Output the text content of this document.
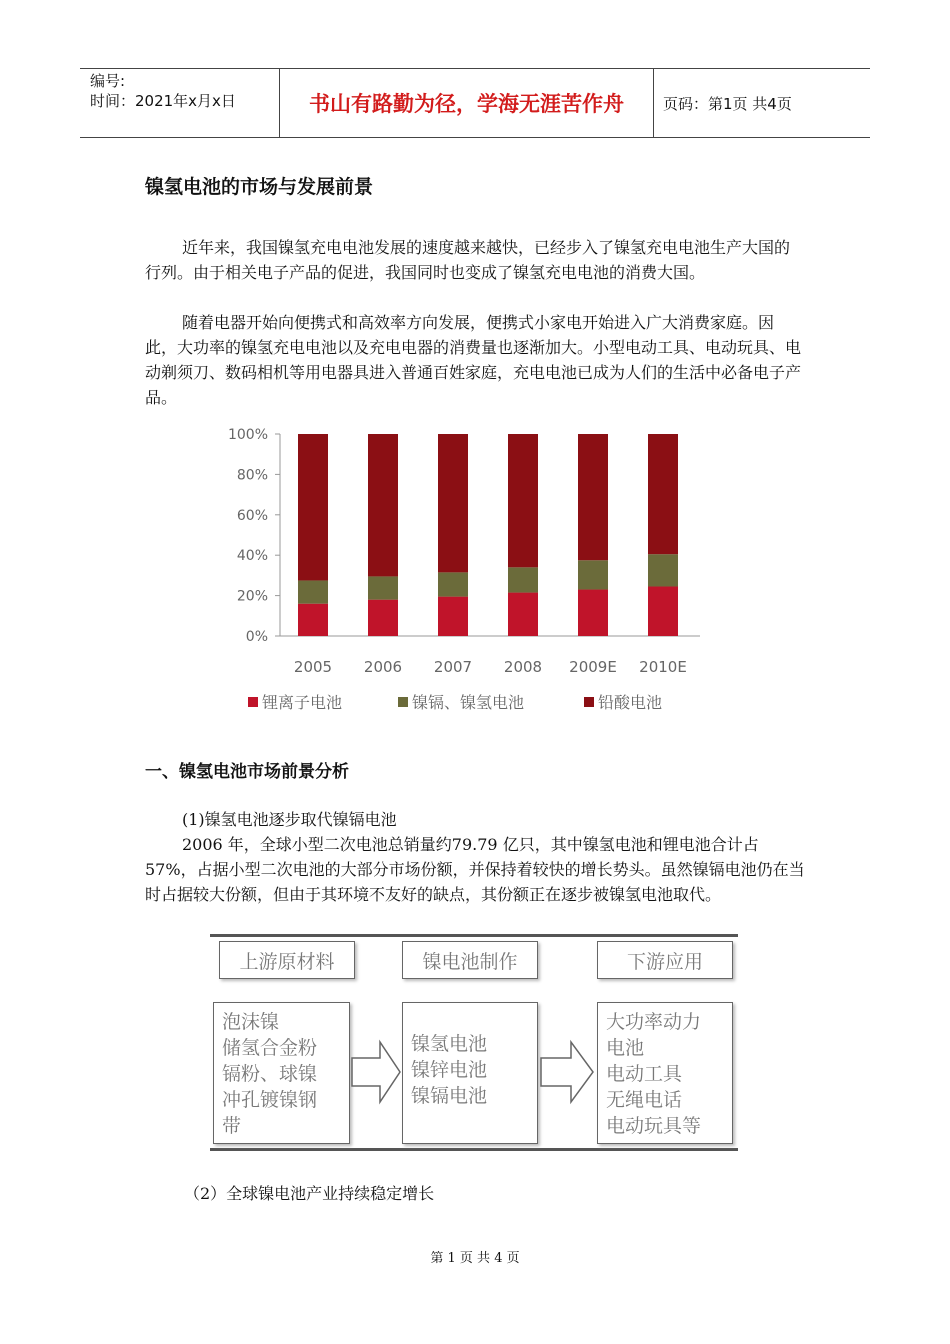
编号:
时间：2021年x月x日	书山有路勤为径，学海无涯苦作舟	页码：第1页 共4页
镍氢电池的市场与发展前景

近年来，我国镍氢充电电池发展的速度越来越快，已经步入了镍氢充电电池生产大国的行列。由于相关电子产品的促进，我国同时也变成了镍氢充电电池的消费大国。

随着电器开始向便携式和高效率方向发展，便携式小家电开始进入广大消费家庭。因此，大功率的镍氢充电电池以及充电电器的消费量也逐渐加大。小型电动工具、电动玩具、电动剃须刀、数码相机等用电器具进入普通百姓家庭，充电电池已成为人们的生活中必备电子产品。

100%
80%
60%
40%
20%
0%
2005 2006 2007 2008 2009E 2010E
锂离子电池	镍镉、镍氢电池	铅酸电池
一、镍氢电池市场前景分析
(1)镍氢电池逐步取代镍镉电池

2006 年，全球小型二次电池总销量约79.79 亿只，其中镍氢电池和锂电池合计占57%，占据小型二次电池的大部分市场份额，并保持着较快的增长势头。虽然镍镉电池仍在当时占据较大份额，但由于其环境不友好的缺点，其份额正在逐步被镍氢电池取代。

上游原材料	镍电池制作	下游应用
泡沫镍
储氢合金粉
镉粉、球镍
冲孔镀镍钢
带
镍氢电池
镍锌电池
镍镉电池
大功率动力
电池
电动工具
无绳电话
电动玩具等
（2）全球镍电池产业持续稳定增长
第 1 页 共 4 页
